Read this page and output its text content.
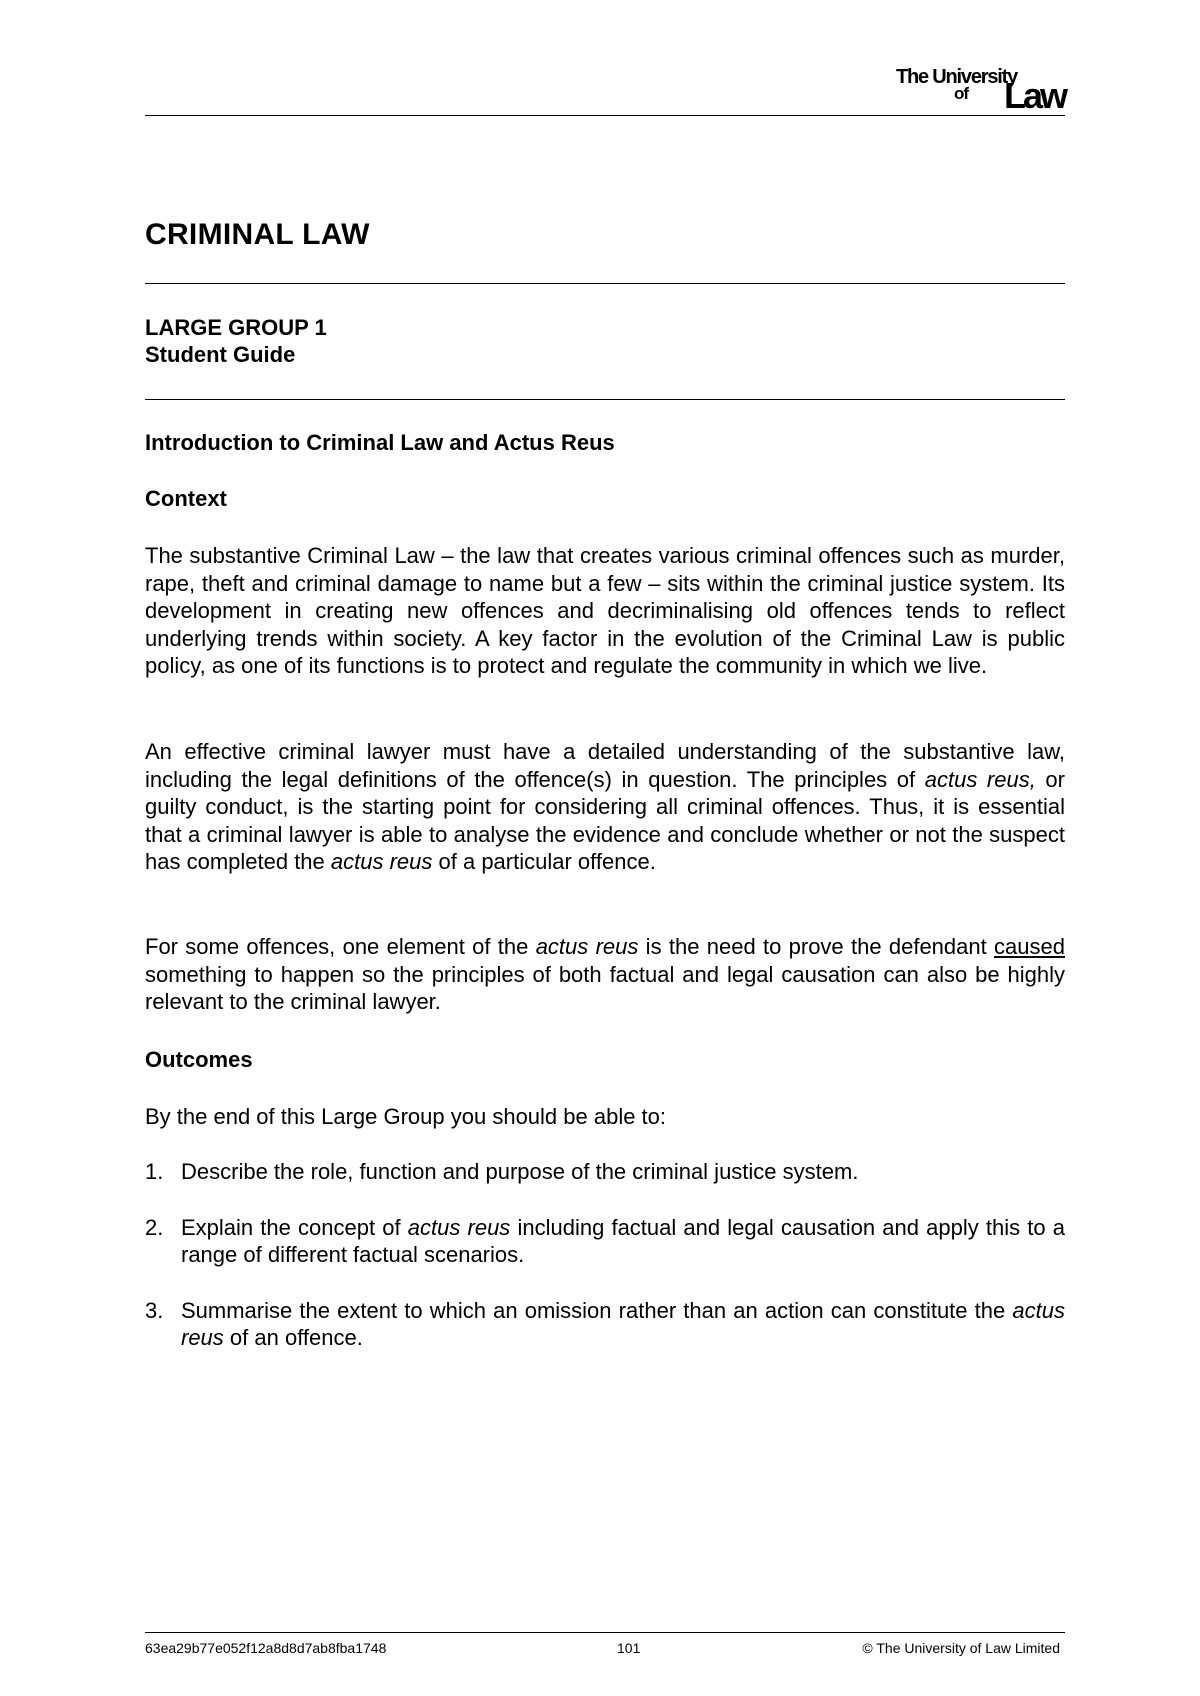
The University
of Law
CRIMINAL LAW
LARGE GROUP 1
Student Guide
Introduction to Criminal Law and Actus Reus
Context
The substantive Criminal Law – the law that creates various criminal offences such as murder, rape, theft and criminal damage to name but a few – sits within the criminal justice system. Its development in creating new offences and decriminalising old offences tends to reflect underlying trends within society. A key factor in the evolution of the Criminal Law is public policy, as one of its functions is to protect and regulate the community in which we live.
An effective criminal lawyer must have a detailed understanding of the substantive law, including the legal definitions of the offence(s) in question. The principles of actus reus, or guilty conduct, is the starting point for considering all criminal offences. Thus, it is essential that a criminal lawyer is able to analyse the evidence and conclude whether or not the suspect has completed the actus reus of a particular offence.
For some offences, one element of the actus reus is the need to prove the defendant caused something to happen so the principles of both factual and legal causation can also be highly relevant to the criminal lawyer.
Outcomes
By the end of this Large Group you should be able to:
1. Describe the role, function and purpose of the criminal justice system.
2. Explain the concept of actus reus including factual and legal causation and apply this to a range of different factual scenarios.
3. Summarise the extent to which an omission rather than an action can constitute the actus reus of an offence.
63ea29b77e052f12a8d8d7ab8fba1748	101	© The University of Law Limited
